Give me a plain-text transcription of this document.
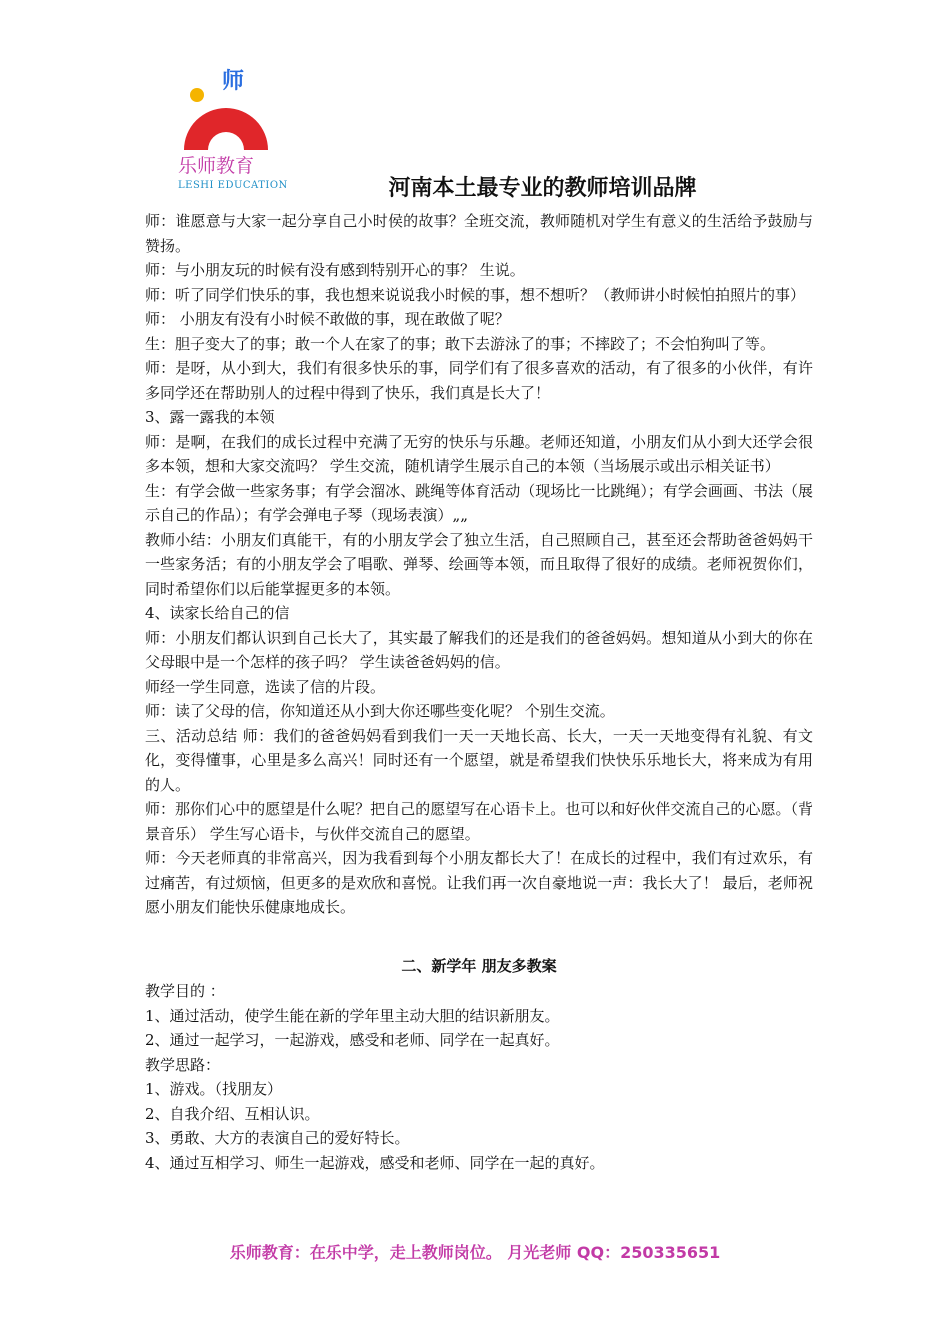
师
乐师教育
LESHI EDUCATION	河南本土最专业的教师培训品牌

师：谁愿意与大家一起分享自己小时侯的故事？全班交流，教师随机对学生有意义的生活给予鼓励与赞扬。

师：与小朋友玩的时候有没有感到特别开心的事？ 生说。

师：听了同学们快乐的事，我也想来说说我小时候的事，想不想听？（教师讲小时候怕拍照片的事）

师： 小朋友有没有小时候不敢做的事，现在敢做了呢？

生：胆子变大了的事；敢一个人在家了的事；敢下去游泳了的事；不摔跤了；不会怕狗叫了等。

师：是呀，从小到大，我们有很多快乐的事，同学们有了很多喜欢的活动，有了很多的小伙伴，有许多同学还在帮助别人的过程中得到了快乐，我们真是长大了！

3、露一露我的本领

师：是啊，在我们的成长过程中充满了无穷的快乐与乐趣。老师还知道，小朋友们从小到大还学会很多本领，想和大家交流吗？ 学生交流，随机请学生展示自己的本领（当场展示或出示相关证书）

生：有学会做一些家务事；有学会溜冰、跳绳等体育活动（现场比一比跳绳）；有学会画画、书法（展示自己的作品）；有学会弹电子琴（现场表演）„„

教师小结：小朋友们真能干，有的小朋友学会了独立生活，自己照顾自己，甚至还会帮助爸爸妈妈干一些家务活；有的小朋友学会了唱歌、弹琴、绘画等本领，而且取得了很好的成绩。老师祝贺你们，同时希望你们以后能掌握更多的本领。

4、读家长给自己的信

师：小朋友们都认识到自己长大了，其实最了解我们的还是我们的爸爸妈妈。想知道从小到大的你在父母眼中是一个怎样的孩子吗？ 学生读爸爸妈妈的信。

师经一学生同意，选读了信的片段。

师：读了父母的信，你知道还从小到大你还哪些变化呢？ 个别生交流。

三、活动总结 师：我们的爸爸妈妈看到我们一天一天地长高、长大，一天一天地变得有礼貌、有文化，变得懂事，心里是多么高兴！同时还有一个愿望，就是希望我们快快乐乐地长大，将来成为有用的人。

师：那你们心中的愿望是什么呢？把自己的愿望写在心语卡上。也可以和好伙伴交流自己的心愿。（背景音乐） 学生写心语卡，与伙伴交流自己的愿望。

师：今天老师真的非常高兴，因为我看到每个小朋友都长大了！在成长的过程中，我们有过欢乐，有过痛苦，有过烦恼，但更多的是欢欣和喜悦。让我们再一次自豪地说一声：我长大了！ 最后，老师祝愿小朋友们能快乐健康地成长。

二、新学年 朋友多教案

教学目的 ：

1、通过活动，使学生能在新的学年里主动大胆的结识新朋友。

2、通过一起学习，一起游戏，感受和老师、同学在一起真好。

教学思路：

1、游戏。（找朋友）

2、自我介绍、互相认识。

3、勇敢、大方的表演自己的爱好特长。

4、通过互相学习、师生一起游戏，感受和老师、同学在一起的真好。

乐师教育：在乐中学，走上教师岗位。 月光老师 QQ：250335651
